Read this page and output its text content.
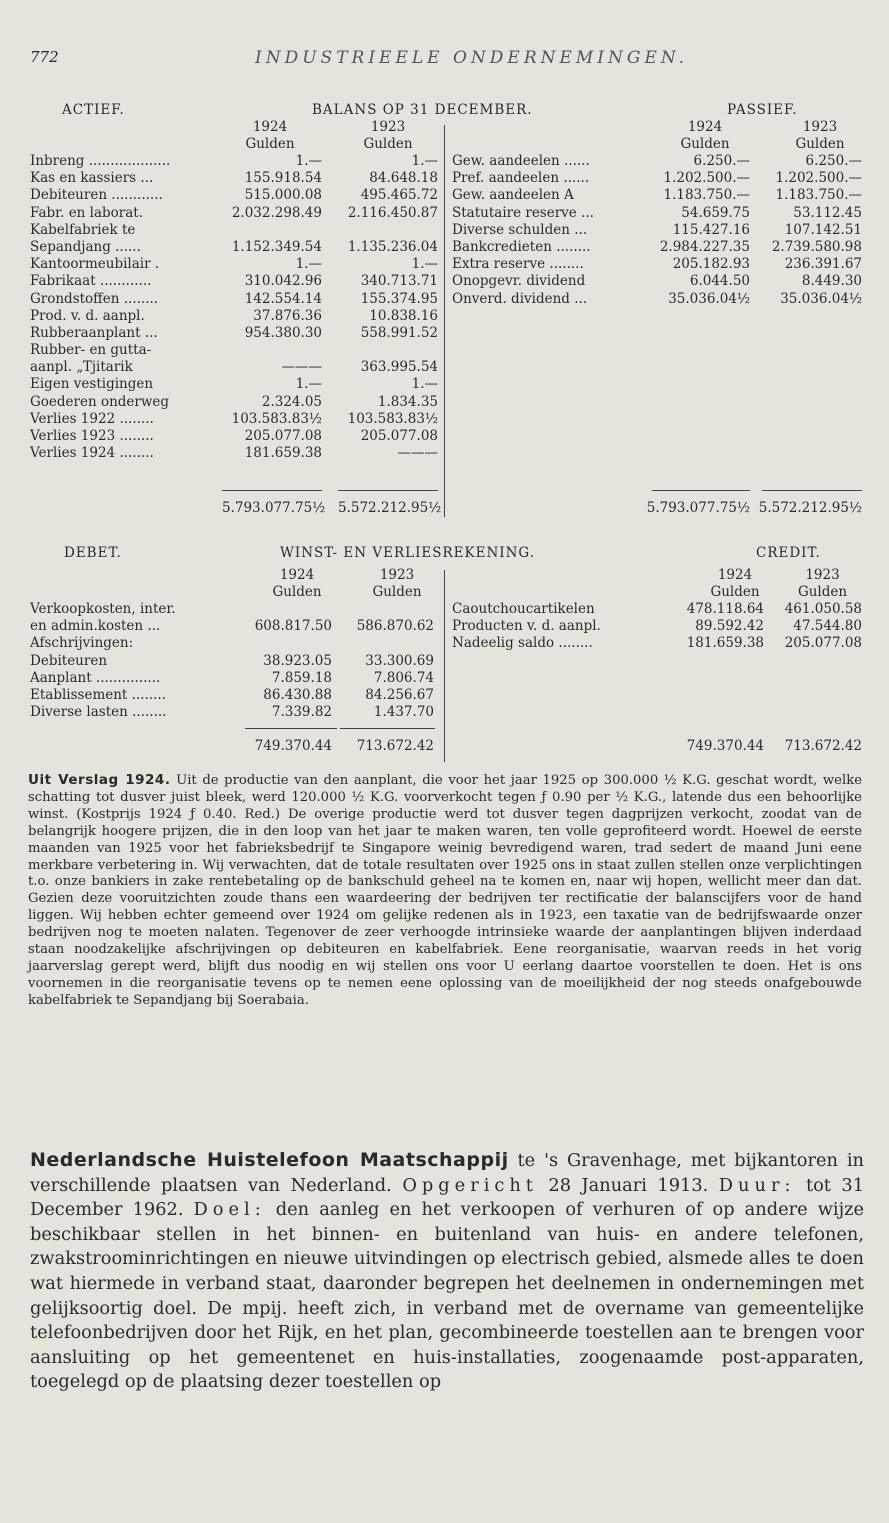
772	INDUSTRIEELE ONDERNEMINGEN.
ACTIEF.	BALANS OP 31 DECEMBER.	PASSIEF.
1924
Gulden
1923
Gulden
1924
Gulden
1923
Gulden
Inbreng ...................	1.—	1.—
Kas en kassiers ...	155.918.54	84.648.18
Debiteuren ............	515.000.08	495.465.72
Fabr. en laborat.	2.032.298.49	2.116.450.87
Kabelfabriek te
Sepandjang ......	1.152.349.54	1.135.236.04
Kantoormeubilair .	1.—	1.—
Fabrikaat ............	310.042.96	340.713.71
Grondstoffen ........	142.554.14	155.374.95
Prod. v. d. aanpl.	37.876.36	10.838.16
Rubberaanplant ...	954.380.30	558.991.52
Rubber- en gutta-
aanpl. „Tjitarik	———	363.995.54
Eigen vestigingen	1.—	1.—
Goederen onderweg	2.324.05	1.834.35
Verlies 1922 ........	103.583.83½	103.583.83½
Verlies 1923 ........	205.077.08	205.077.08
Verlies 1924 ........	181.659.38	———
Gew. aandeelen ......	6.250.—	6.250.—
Pref. aandeelen ......	1.202.500.—	1.202.500.—
Gew. aandeelen A	1.183.750.—	1.183.750.—
Statutaire reserve ...	54.659.75	53.112.45
Diverse schulden ...	115.427.16	107.142.51
Bankcredieten ........	2.984.227.35	2.739.580.98
Extra reserve ........	205.182.93	236.391.67
Onopgevr. dividend	6.044.50	8.449.30
Onverd. dividend ...	35.036.04½	35.036.04½
5.793.077.75½ 5.572.212.95½	5.793.077.75½ 5.572.212.95½
DEBET.	WINST- EN VERLIESREKENING.	CREDIT.
1924
Gulden
1923
Gulden
1924
Gulden
1923
Gulden
Verkoopkosten, inter.
en admin.kosten ...	608.817.50	586.870.62
Afschrijvingen:
Debiteuren	38.923.05	33.300.69
Aanplant ...............	7.859.18	7.806.74
Etablissement ........	86.430.88	84.256.67
Diverse lasten ........	7.339.82	1.437.70
Caoutchoucartikelen	478.118.64	461.050.58
Producten v. d. aanpl.	89.592.42	47.544.80
Nadeelig saldo ........	181.659.38	205.077.08
749.370.44	713.672.42	749.370.44	713.672.42
Uit Verslag 1924. Uit de productie van den aanplant, die voor het jaar 1925 op 300.000 ½ K.G. geschat wordt, welke schatting tot dusver juist bleek, werd 120.000 ½ K.G. voorverkocht tegen ƒ 0.90 per ½ K.G., latende dus een behoorlijke winst. (Kostprijs 1924 ƒ 0.40. Red.) De overige productie werd tot dusver tegen dagprijzen verkocht, zoodat van de belangrijk hoogere prijzen, die in den loop van het jaar te maken waren, ten volle geprofiteerd wordt. Hoewel de eerste maanden van 1925 voor het fabrieksbedrijf te Singapore weinig bevredigend waren, trad sedert de maand Juni eene merkbare verbetering in. Wij verwachten, dat de totale resultaten over 1925 ons in staat zullen stellen onze verplichtingen t.o. onze bankiers in zake rentebetaling op de bankschuld geheel na te komen en, naar wij hopen, wellicht meer dan dat. Gezien deze vooruitzichten zoude thans een waardeering der bedrijven ter rectificatie der balanscijfers voor de hand liggen. Wij hebben echter gemeend over 1924 om gelijke redenen als in 1923, een taxatie van de bedrijfswaarde onzer bedrijven nog te moeten nalaten. Tegenover de zeer verhoogde intrinsieke waarde der aanplantingen blijven inderdaad staan noodzakelijke afschrijvingen op debiteuren en kabelfabriek. Eene reorganisatie, waarvan reeds in het vorig jaarverslag gerept werd, blijft dus noodig en wij stellen ons voor U eerlang daartoe voorstellen te doen. Het is ons voornemen in die reorganisatie tevens op te nemen eene oplossing van de moeilijkheid der nog steeds onafgebouwde kabelfabriek te Sepandjang bij Soerabaia.
Nederlandsche Huistelefoon Maatschappij te 's Gravenhage, met bijkantoren in verschillende plaatsen van Nederland. Opgericht 28 Januari 1913. Duur: tot 31 December 1962. Doel: den aanleg en het verkoopen of verhuren of op andere wijze beschikbaar stellen in het binnen- en buitenland van huis- en andere telefonen, zwakstroominrichtingen en nieuwe uitvindingen op electrisch gebied, alsmede alles te doen wat hiermede in verband staat, daaronder begrepen het deelnemen in ondernemingen met gelijksoortig doel. De mpij. heeft zich, in verband met de overname van gemeentelijke telefoonbedrijven door het Rijk, en het plan, gecombineerde toestellen aan te brengen voor aansluiting op het gemeentenet en huis-installaties, zoogenaamde post-apparaten, toegelegd op de plaatsing dezer toestellen op
